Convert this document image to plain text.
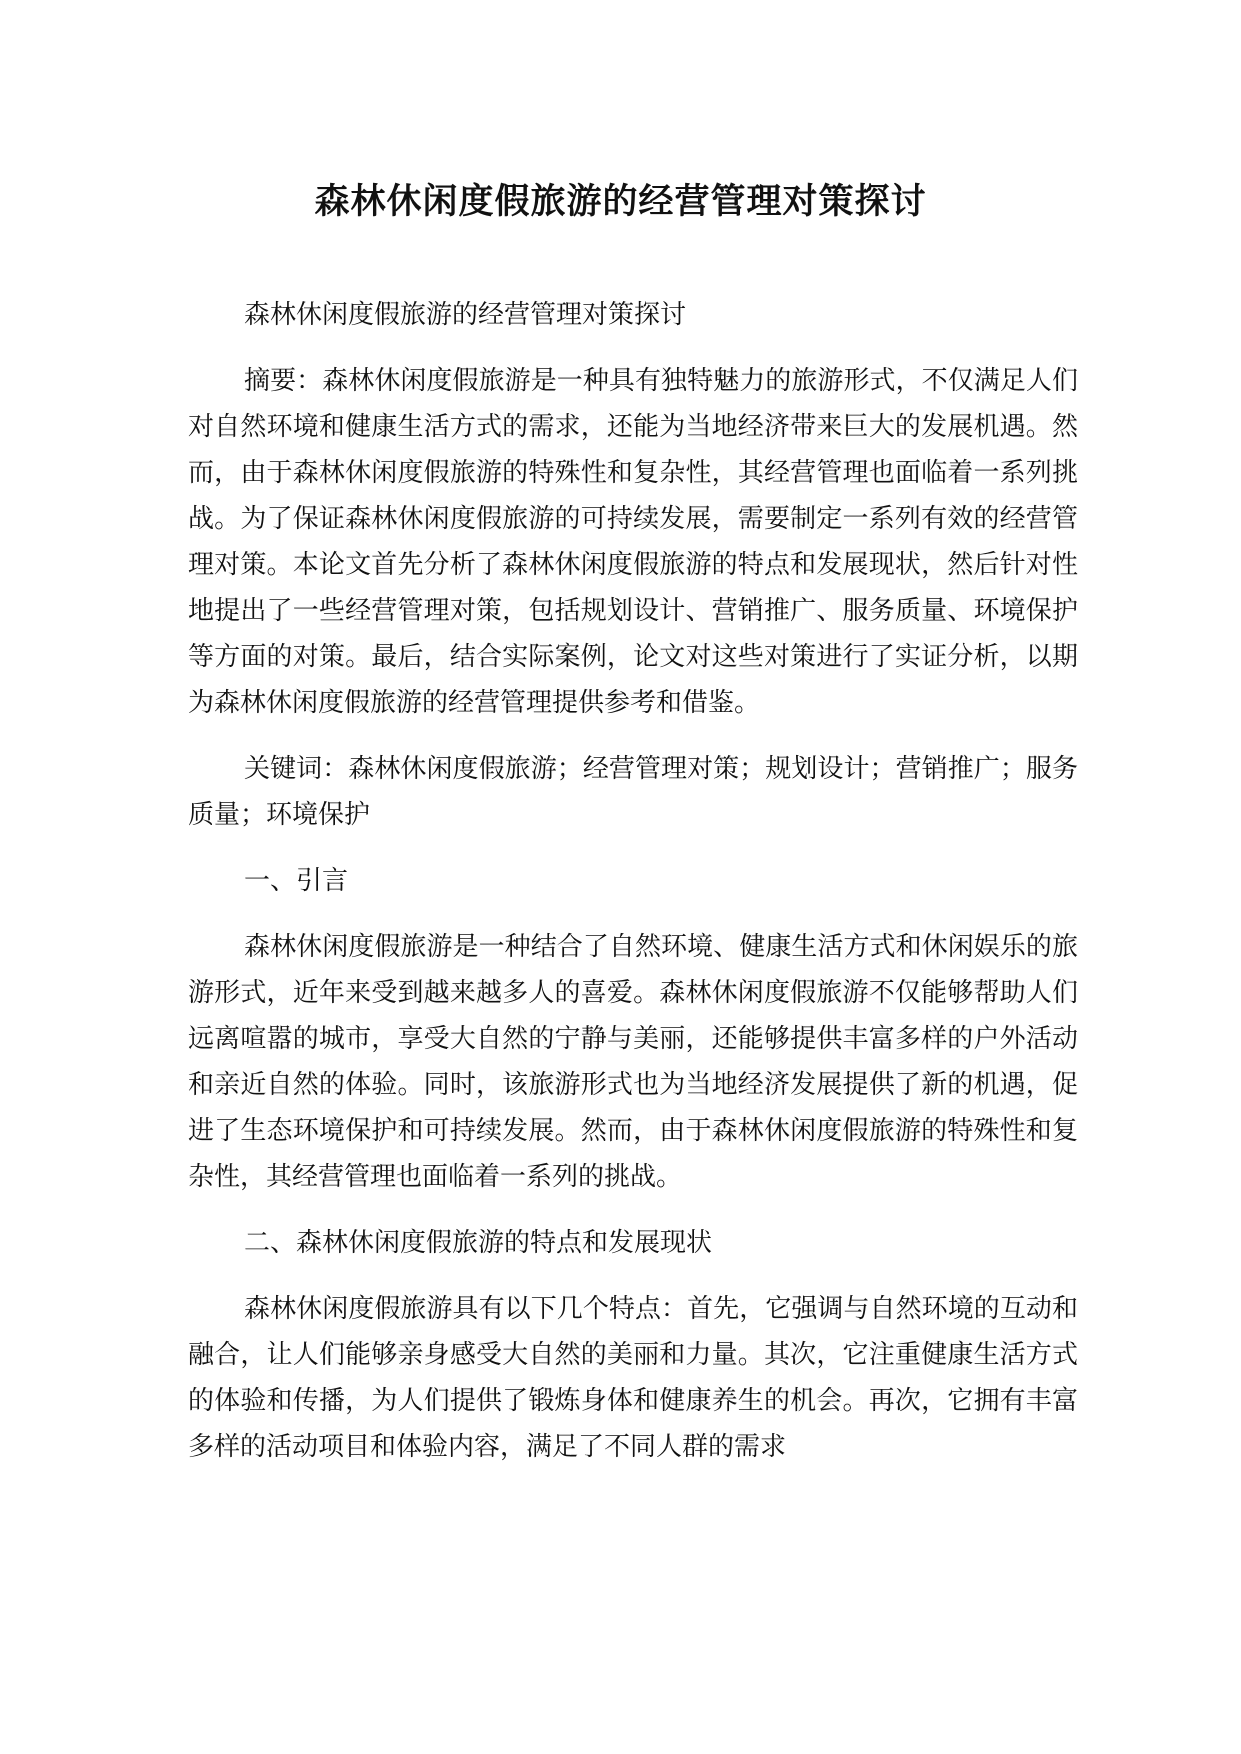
森林休闲度假旅游的经营管理对策探讨

森林休闲度假旅游的经营管理对策探讨

摘要：森林休闲度假旅游是一种具有独特魅力的旅游形式，不仅满足人们对自然环境和健康生活方式的需求，还能为当地经济带来巨大的发展机遇。然而，由于森林休闲度假旅游的特殊性和复杂性，其经营管理也面临着一系列挑战。为了保证森林休闲度假旅游的可持续发展，需要制定一系列有效的经营管理对策。本论文首先分析了森林休闲度假旅游的特点和发展现状，然后针对性地提出了一些经营管理对策，包括规划设计、营销推广、服务质量、环境保护等方面的对策。最后，结合实际案例，论文对这些对策进行了实证分析，以期为森林休闲度假旅游的经营管理提供参考和借鉴。

关键词：森林休闲度假旅游；经营管理对策；规划设计；营销推广；服务质量；环境保护

一、引言

森林休闲度假旅游是一种结合了自然环境、健康生活方式和休闲娱乐的旅游形式，近年来受到越来越多人的喜爱。森林休闲度假旅游不仅能够帮助人们远离喧嚣的城市，享受大自然的宁静与美丽，还能够提供丰富多样的户外活动和亲近自然的体验。同时，该旅游形式也为当地经济发展提供了新的机遇，促进了生态环境保护和可持续发展。然而，由于森林休闲度假旅游的特殊性和复杂性，其经营管理也面临着一系列的挑战。

二、森林休闲度假旅游的特点和发展现状

森林休闲度假旅游具有以下几个特点：首先，它强调与自然环境的互动和融合，让人们能够亲身感受大自然的美丽和力量。其次，它注重健康生活方式的体验和传播，为人们提供了锻炼身体和健康养生的机会。再次，它拥有丰富多样的活动项目和体验内容，满足了不同人群的需求
